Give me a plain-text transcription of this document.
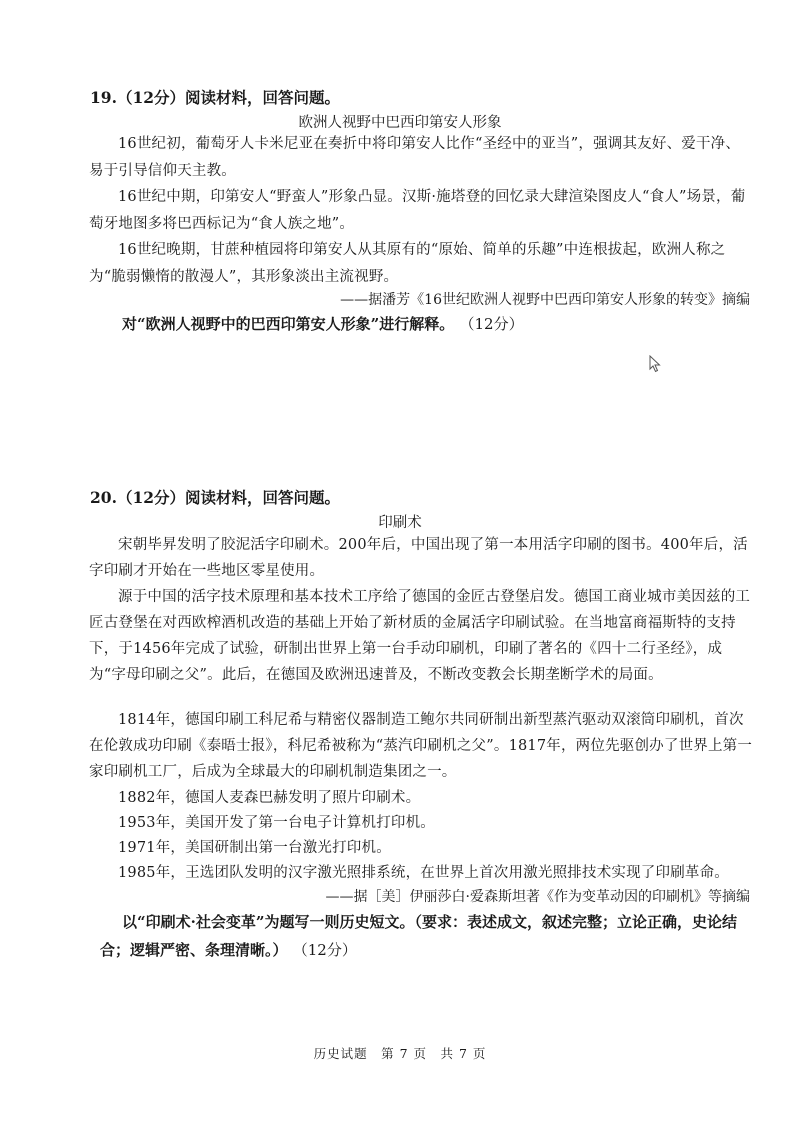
19.（12分）阅读材料，回答问题。
欧洲人视野中巴西印第安人形象
16世纪初，葡萄牙人卡米尼亚在奏折中将印第安人比作“圣经中的亚当”，强调其友好、爱干净、易于引导信仰天主教。
16世纪中期，印第安人“野蛮人”形象凸显。汉斯·施塔登的回忆录大肆渲染图皮人“食人”场景，葡萄牙地图多将巴西标记为“食人族之地”。
16世纪晚期，甘蔗种植园将印第安人从其原有的“原始、简单的乐趣”中连根拔起，欧洲人称之为“脆弱懒惰的散漫人”，其形象淡出主流视野。
——据潘芳《16世纪欧洲人视野中巴西印第安人形象的转变》摘编
对“欧洲人视野中的巴西印第安人形象”进行解释。 （12分）
20.（12分）阅读材料，回答问题。
印刷术
宋朝毕昇发明了胶泥活字印刷术。200年后，中国出现了第一本用活字印刷的图书。400年后，活字印刷才开始在一些地区零星使用。
源于中国的活字技术原理和基本技术工序给了德国的金匠古登堡启发。德国工商业城市美因兹的工匠古登堡在对西欧榨酒机改造的基础上开始了新材质的金属活字印刷试验。在当地富商福斯特的支持下，于1456年完成了试验，研制出世界上第一台手动印刷机，印刷了著名的《四十二行圣经》，成为“字母印刷之父”。此后，在德国及欧洲迅速普及，不断改变教会长期垄断学术的局面。
1814年，德国印刷工科尼希与精密仪器制造工鲍尔共同研制出新型蒸汽驱动双滚筒印刷机，首次在伦敦成功印刷《泰晤士报》，科尼希被称为“蒸汽印刷机之父”。1817年，两位先驱创办了世界上第一家印刷机工厂，后成为全球最大的印刷机制造集团之一。
1882年，德国人麦森巴赫发明了照片印刷术。
1953年，美国开发了第一台电子计算机打印机。
1971年，美国研制出第一台激光打印机。
1985年，王选团队发明的汉字激光照排系统，在世界上首次用激光照排技术实现了印刷革命。
——据［美］伊丽莎白·爱森斯坦著《作为变革动因的印刷机》等摘编
以“印刷术·社会变革”为题写一则历史短文。（要求：表述成文，叙述完整；立论正确，史论结合；逻辑严密、条理清晰。） （12分）
历史试题　第 7 页　共 7 页
